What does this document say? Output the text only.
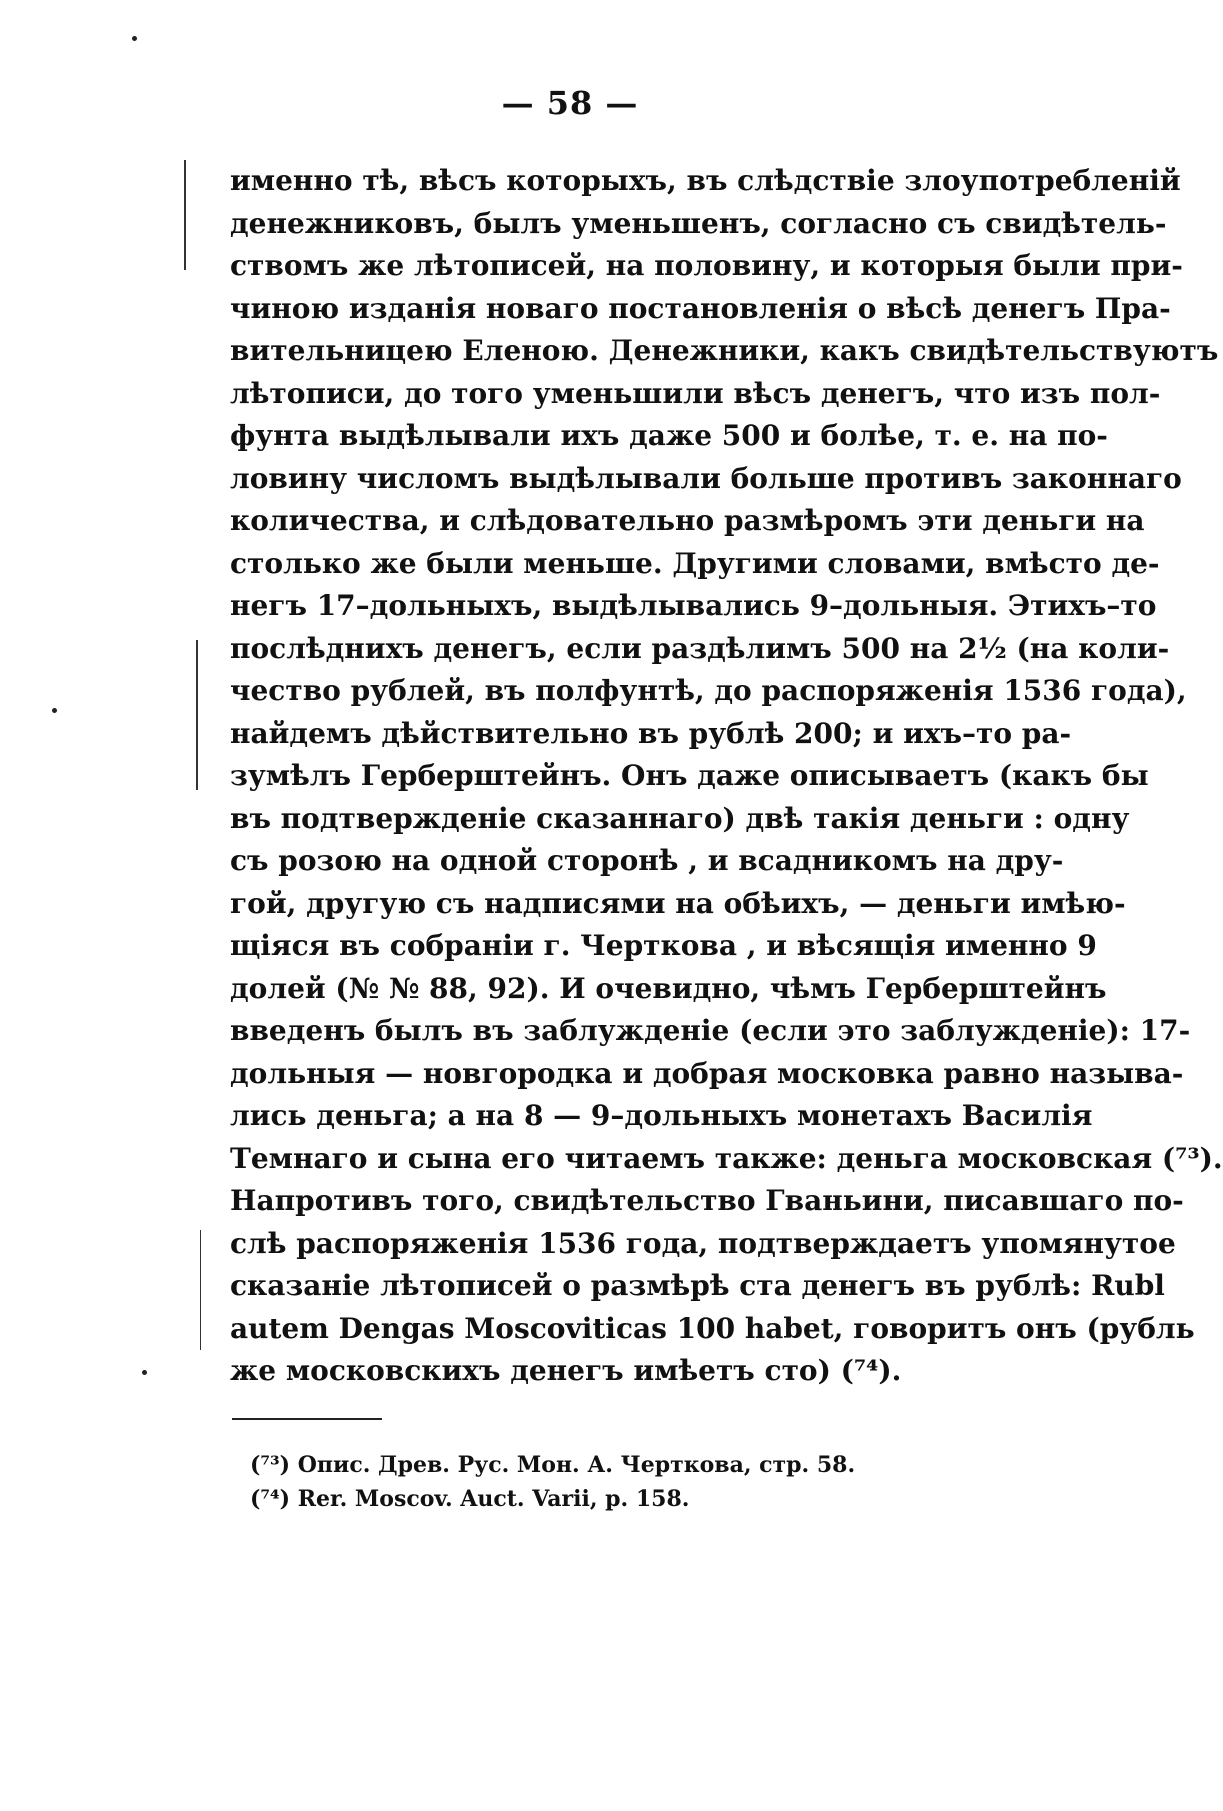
— 58 —
именно тѣ, вѣсъ которыхъ, въ слѣдствіе злоупотребленій
денежниковъ, былъ уменьшенъ, согласно съ свидѣтель-
ствомъ же лѣтописей, на половину, и которыя были при-
чиною изданія новаго постановленія о вѣсѣ денегъ Пра-
вительницею Еленою. Денежники, какъ свидѣтельствуютъ
лѣтописи, до того уменьшили вѣсъ денегъ, что изъ пол-
фунта выдѣлывали ихъ даже 500 и болѣе, т. е. на по-
ловину числомъ выдѣлывали больше противъ законнаго
количества, и слѣдовательно размѣромъ эти деньги на
столько же были меньше. Другими словами, вмѣсто де-
негъ 17–дольныхъ, выдѣлывались 9–дольныя. Этихъ–то
послѣднихъ денегъ, если раздѣлимъ 500 на 2½ (на коли-
чество рублей, въ полфунтѣ, до распоряженія 1536 года),
найдемъ дѣйствительно въ рублѣ 200; и ихъ–то ра-
зумѣлъ Герберштейнъ. Онъ даже описываетъ (какъ бы
въ подтвержденіе сказаннаго) двѣ такія деньги : одну
съ розою на одной сторонѣ , и всадникомъ на дру-
гой, другую съ надписями на обѣихъ, — деньги имѣю-
щіяся въ собраніи г. Черткова , и вѣсящія именно 9
долей (№ № 88, 92). И очевидно, чѣмъ Герберштейнъ
введенъ былъ въ заблужденіе (если это заблужденіе): 17-
дольныя — новгородка и добрая московка равно называ-
лись деньга; а на 8 — 9–дольныхъ монетахъ Василія
Темнаго и сына его читаемъ также: деньга московская (⁷³).
Напротивъ того, свидѣтельство Гваньини, писавшаго по-
слѣ распоряженія 1536 года, подтверждаетъ упомянутое
сказаніе лѣтописей о размѣрѣ ста денегъ въ рублѣ: Rubl
autem Dengas Moscoviticas 100 habet, говоритъ онъ (рубль
же московскихъ денегъ имѣетъ сто) (⁷⁴).
(⁷³) Опис. Древ. Рус. Мон. А. Черткова, стр. 58.
(⁷⁴) Rer. Moscov. Auct. Varii, p. 158.
